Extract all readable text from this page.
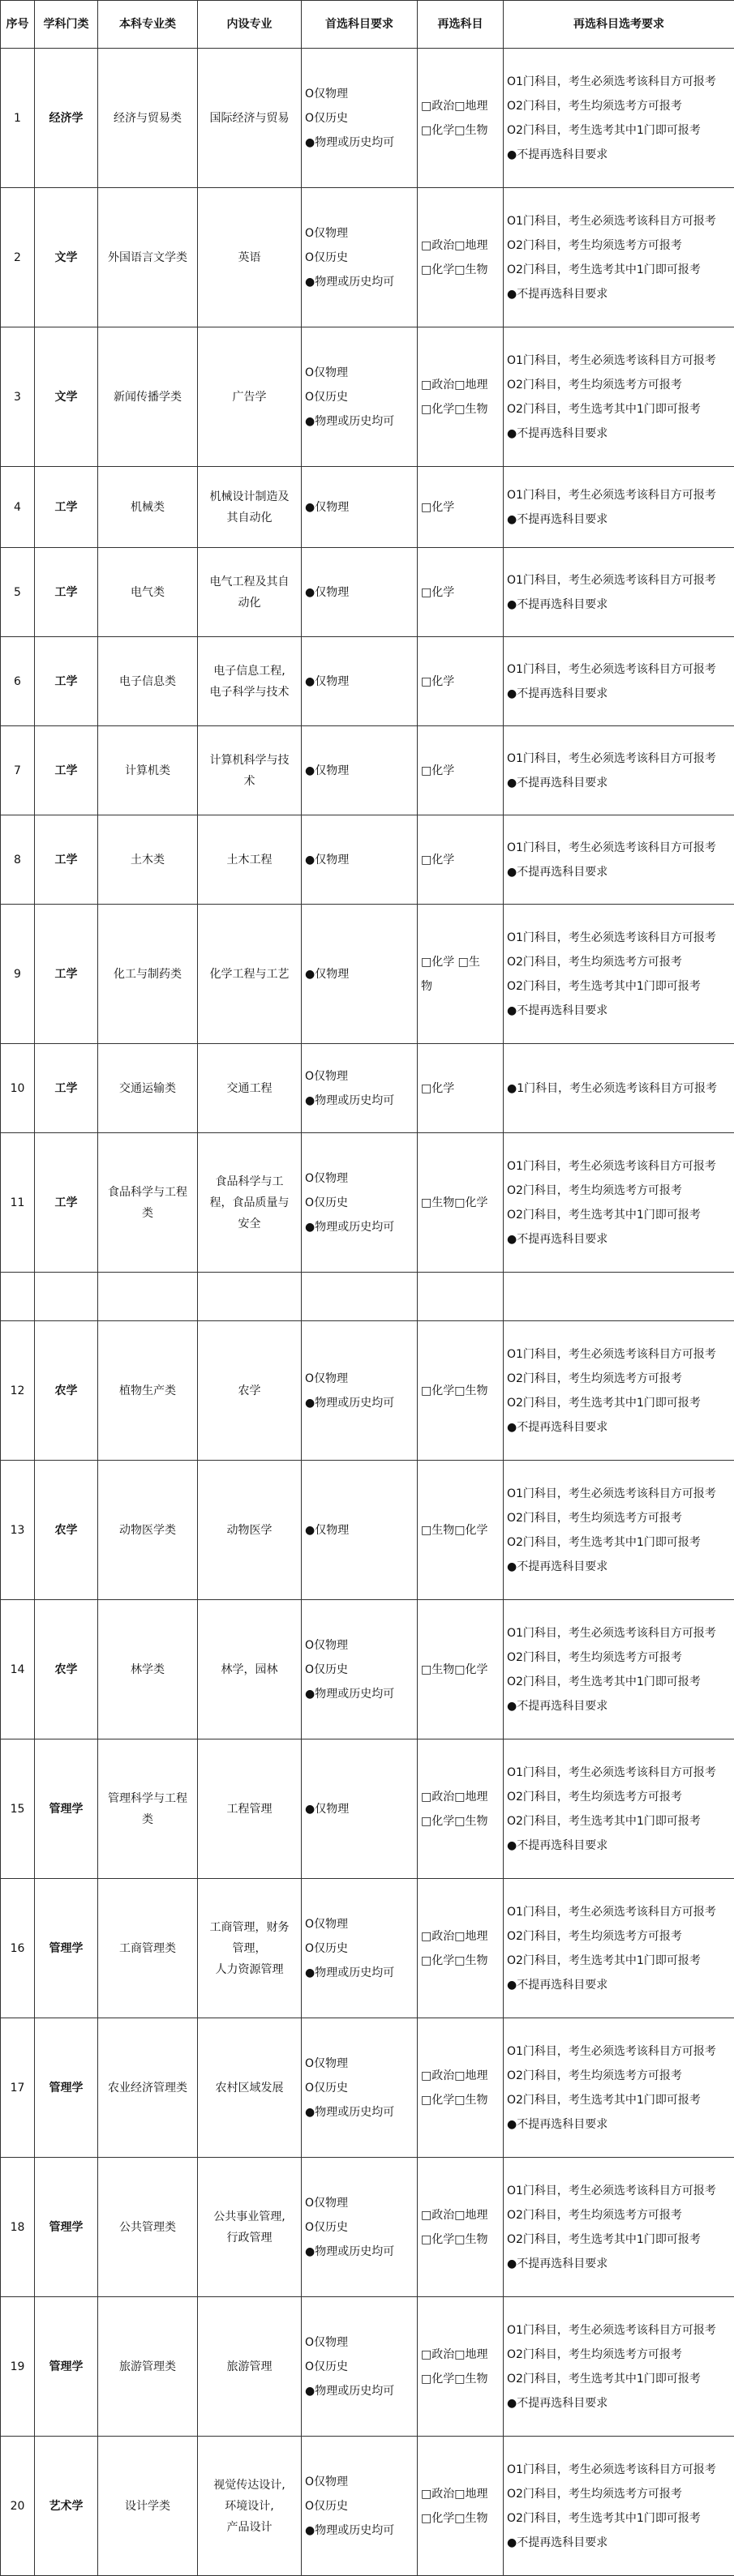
序号	学科门类	本科专业类	内设专业	首选科目要求	再选科目	再选科目选考要求
1	经济学	经济与贸易类	国际经济与贸易	O仅物理
O仅历史
●物理或历史均可	□政治□地理
□化学□生物	O1门科目，考生必须选考该科目方可报考
O2门科目，考生均须选考方可报考
O2门科目，考生选考其中1门即可报考
●不提再选科目要求

2	文学	外国语言文学类	英语	O仅物理
O仅历史
●物理或历史均可	□政治□地理
□化学□生物	O1门科目，考生必须选考该科目方可报考
O2门科目，考生均须选考方可报考
O2门科目，考生选考其中1门即可报考
●不提再选科目要求

3	文学	新闻传播学类	广告学	O仅物理
O仅历史
●物理或历史均可	□政治□地理
□化学□生物	O1门科目，考生必须选考该科目方可报考
O2门科目，考生均须选考方可报考
O2门科目，考生选考其中1门即可报考
●不提再选科目要求

4	工学	机械类	机械设计制造及
其自动化	●仅物理	□化学	O1门科目，考生必须选考该科目方可报考
●不提再选科目要求

5	工学	电气类	电气工程及其自
动化	●仅物理	□化学	O1门科目，考生必须选考该科目方可报考
●不提再选科目要求

6	工学	电子信息类	电子信息工程,
电子科学与技术	●仅物理	□化学	O1门科目，考生必须选考该科目方可报考
●不提再选科目要求

7	工学	计算机类	计算机科学与技
术	●仅物理	□化学	O1门科目，考生必须选考该科目方可报考
●不提再选科目要求

8	工学	土木类	土木工程	●仅物理	□化学	O1门科目，考生必须选考该科目方可报考
●不提再选科目要求

9	工学	化工与制药类	化学工程与工艺	●仅物理	□化学 □生
物	O1门科目，考生必须选考该科目方可报考
O2门科目，考生均须选考方可报考
O2门科目，考生选考其中1门即可报考
●不提再选科目要求

10	工学	交通运输类	交通工程	O仅物理
●物理或历史均可	□化学	●1门科目，考生必须选考该科目方可报考

11	工学	食品科学与工程
类	食品科学与工
程，食品质量与
安全	O仅物理
O仅历史
●物理或历史均可	□生物□化学	O1门科目，考生必须选考该科目方可报考
O2门科目，考生均须选考方可报考
O2门科目，考生选考其中1门即可报考
●不提再选科目要求

12	农学	植物生产类	农学	O仅物理
●物理或历史均可	□化学□生物	O1门科目，考生必须选考该科目方可报考
O2门科目，考生均须选考方可报考
O2门科目，考生选考其中1门即可报考
●不提再选科目要求

13	农学	动物医学类	动物医学	●仅物理	□生物□化学	O1门科目，考生必须选考该科目方可报考
O2门科目，考生均须选考方可报考
O2门科目，考生选考其中1门即可报考
●不提再选科目要求

14	农学	林学类	林学，园林	O仅物理
O仅历史
●物理或历史均可	□生物□化学	O1门科目，考生必须选考该科目方可报考
O2门科目，考生均须选考方可报考
O2门科目，考生选考其中1门即可报考
●不提再选科目要求

15	管理学	管理科学与工程
类	工程管理	●仅物理	□政治□地理
□化学□生物	O1门科目，考生必须选考该科目方可报考
O2门科目，考生均须选考方可报考
O2门科目，考生选考其中1门即可报考
●不提再选科目要求

16	管理学	工商管理类	工商管理，财务
管理，
人力资源管理	O仅物理
O仅历史
●物理或历史均可	□政治□地理
□化学□生物	O1门科目，考生必须选考该科目方可报考
O2门科目，考生均须选考方可报考
O2门科目，考生选考其中1门即可报考
●不提再选科目要求

17	管理学	农业经济管理类	农村区域发展	O仅物理
O仅历史
●物理或历史均可	□政治□地理
□化学□生物	O1门科目，考生必须选考该科目方可报考
O2门科目，考生均须选考方可报考
O2门科目，考生选考其中1门即可报考
●不提再选科目要求

18	管理学	公共管理类	公共事业管理,
行政管理	O仅物理
O仅历史
●物理或历史均可	□政治□地理
□化学□生物	O1门科目，考生必须选考该科目方可报考
O2门科目，考生均须选考方可报考
O2门科目，考生选考其中1门即可报考
●不提再选科目要求

19	管理学	旅游管理类	旅游管理	O仅物理
O仅历史
●物理或历史均可	□政治□地理
□化学□生物	O1门科目，考生必须选考该科目方可报考
O2门科目，考生均须选考方可报考
O2门科目，考生选考其中1门即可报考
●不提再选科目要求

20	艺术学	设计学类	视觉传达设计,
环境设计,
产品设计	O仅物理
O仅历史
●物理或历史均可	□政治□地理
□化学□生物	O1门科目，考生必须选考该科目方可报考
O2门科目，考生均须选考方可报考
O2门科目，考生选考其中1门即可报考
●不提再选科目要求
